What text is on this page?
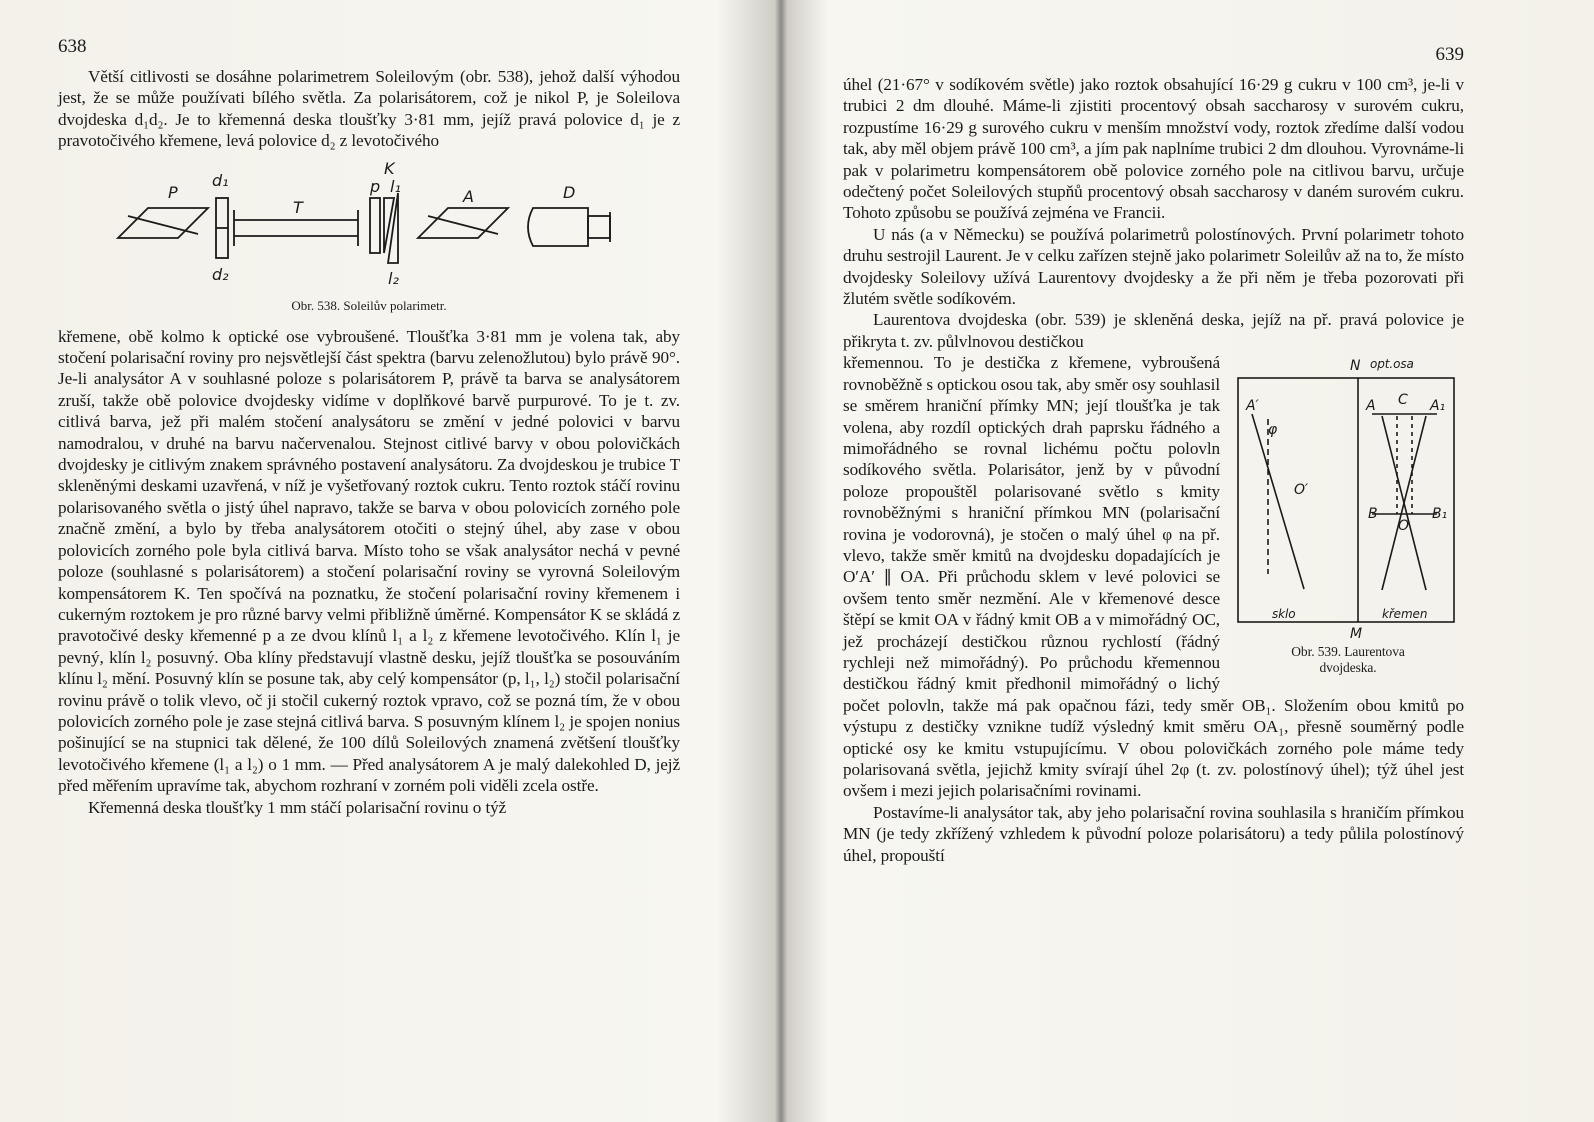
638

Větší citlivosti se dosáhne polarimetrem Soleilovým (obr. 538), jehož další výhodou jest, že se může používati bílého světla. Za polarisátorem, což je nikol P, je Soleilova dvojdeska d₁d₂. Je to křemenná deska tloušťky 3·81 mm, jejíž pravá polovice d₁ je z pravotočivého křemene, levá polovice d₂ z levotočivého

P
d₁
T
K
p l₁
A	D
d₂	l₂
Obr. 538. Soleilův polarimetr.

křemene, obě kolmo k optické ose vybroušené. Tloušťka 3·81 mm je volena tak, aby stočení polarisační roviny pro nejsvětlejší část spektra (barvu zelenožlutou) bylo právě 90°. Je-li analysátor A v souhlasné poloze s polarisátorem P, právě ta barva se analysátorem zruší, takže obě polovice dvojdesky vidíme v doplňkové barvě purpurové. To je t. zv. citlivá barva, jež při malém stočení analysátoru se změní v jedné polovici v barvu namodralou, v druhé na barvu načervenalou. Stejnost citlivé barvy v obou polovičkách dvojdesky je citlivým znakem správného postavení analysátoru. Za dvojdeskou je trubice T skleněnými deskami uzavřená, v níž je vyšetřovaný roztok cukru. Tento roztok stáčí rovinu polarisovaného světla o jistý úhel napravo, takže se barva v obou polovicích zorného pole značně změní, a bylo by třeba analysátorem otočiti o stejný úhel, aby zase v obou polovicích zorného pole byla citlivá barva. Místo toho se však analysátor nechá v pevné poloze (souhlasné s polarisátorem) a stočení polarisační roviny se vyrovná Soleilovým kompensátorem K. Ten spočívá na poznatku, že stočení polarisační roviny křemenem i cukerným roztokem je pro různé barvy velmi přibližně úměrné. Kompensátor K se skládá z pravotočivé desky křemenné p a ze dvou klínů l₁ a l₂ z křemene levotočivého. Klín l₁ je pevný, klín l₂ posuvný. Oba klíny představují vlastně desku, jejíž tloušťka se posouváním klínu l₂ mění. Posuvný klín se posune tak, aby celý kompensátor (p, l₁, l₂) stočil polarisační rovinu právě o tolik vlevo, oč ji stočil cukerný roztok vpravo, což se pozná tím, že v obou polovicích zorného pole je zase stejná citlivá barva. S posuvným klínem l₂ je spojen nonius pošinující se na stupnici tak dělené, že 100 dílů Soleilových znamená zvětšení tloušťky levotočivého křemene (l₁ a l₂) o 1 mm. — Před analysátorem A je malý dalekohled D, jejž před měřením upravíme tak, abychom rozhraní v zorném poli viděli zcela ostře.

Křemenná deska tloušťky 1 mm stáčí polarisační rovinu o týž

639

úhel (21·67° v sodíkovém světle) jako roztok obsahující 16·29 g cukru v 100 cm³, je-li v trubici 2 dm dlouhé. Máme-li zjistiti procentový obsah saccharosy v surovém cukru, rozpustíme 16·29 g surového cukru v menším množství vody, roztok zředíme další vodou tak, aby měl objem právě 100 cm³, a jím pak naplníme trubici 2 dm dlouhou. Vyrovnáme-li pak v polarimetru kompensátorem obě polovice zorného pole na citlivou barvu, určuje odečtený počet Soleilových stupňů procentový obsah saccharosy v daném surovém cukru. Tohoto způsobu se používá zejména ve Francii.

U nás (a v Německu) se používá polarimetrů polostínových. První polarimetr tohoto druhu sestrojil Laurent. Je v celku zařízen stejně jako polarimetr Soleilův až na to, že místo dvojdesky Soleilovy užívá Laurentovy dvojdesky a že při něm je třeba pozorovati při žlutém světle sodíkovém.

Laurentova dvojdeska (obr. 539) je skleněná deska, jejíž na př. pravá polovice je přikryta t. zv. půlvlnovou destičkou

N opt.osa
A′
φ
O′
A C A₁
B
O
B₁
sklo	křemen
M
Obr. 539. Laurentova
dvojdeska.

křemennou. To je destička z křemene, vybroušená rovnoběžně s optickou osou tak, aby směr osy souhlasil se směrem hraniční přímky MN; její tloušťka je tak volena, aby rozdíl optických drah paprsku řádného a mimořádného se rovnal lichému počtu polovln sodíkového světla. Polarisátor, jenž by v původní poloze propouštěl polarisované světlo s kmity rovnoběžnými s hraniční přímkou MN (polarisační rovina je vodorovná), je stočen o malý úhel φ na př. vlevo, takže směr kmitů na dvojdesku dopadajících je O′A′ ∥ OA. Při průchodu sklem v levé polovici se ovšem tento směr nezmění. Ale v křemenové desce štěpí se kmit OA v řádný kmit OB a v mimořádný OC, jež procházejí destičkou různou rychlostí (řádný rychleji než mimořádný). Po průchodu křemennou destičkou řádný kmit předhonil mimořádný o lichý počet polovln, takže má pak opačnou fázi, tedy směr OB₁. Složením obou kmitů po výstupu z destičky vznikne tudíž výsledný kmit směru OA₁, přesně souměrný podle optické osy ke kmitu vstupujícímu. V obou polovičkách zorného pole máme tedy polarisovaná světla, jejichž kmity svírají úhel 2φ (t. zv. polostínový úhel); týž úhel jest ovšem i mezi jejich polarisačními rovinami.

Postavíme-li analysátor tak, aby jeho polarisační rovina souhlasila s hraničím přímkou MN (je tedy zkřížený vzhledem k původní poloze polarisátoru) a tedy půlila polostínový úhel, propouští
